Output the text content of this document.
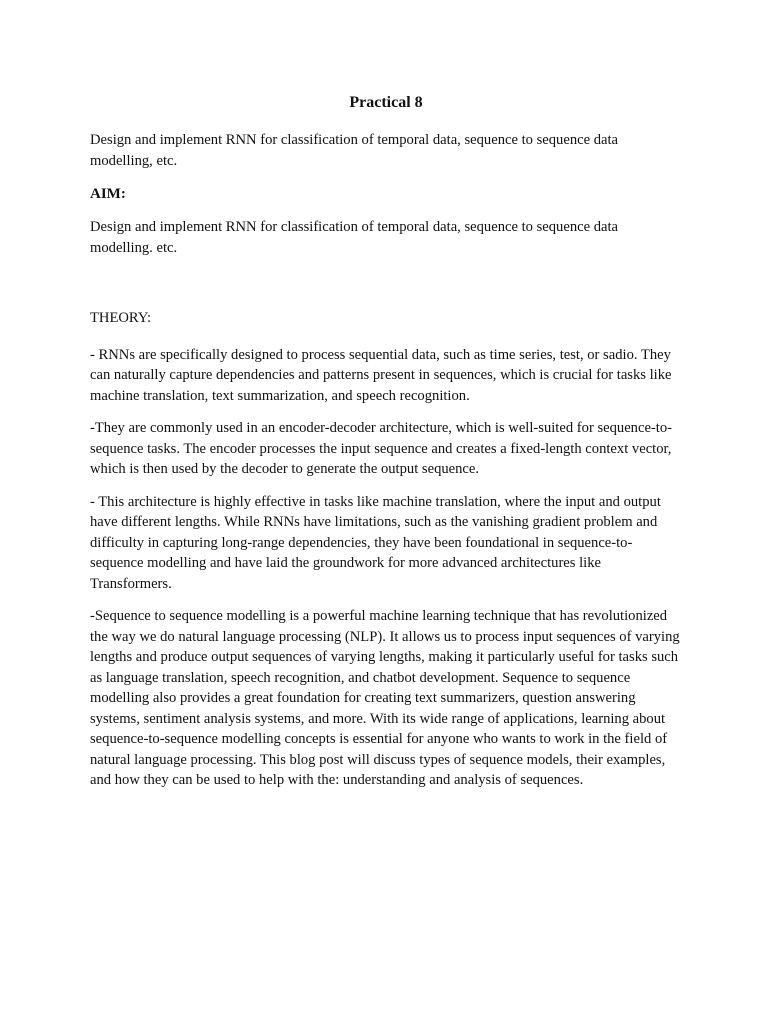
Practical 8

Design and implement RNN for classification of temporal data, sequence to sequence data modelling, etc.

AIM:

Design and implement RNN for classification of temporal data, sequence to sequence data modelling. etc.

THEORY:

- RNNs are specifically designed to process sequential data, such as time series, test, or sadio. They can naturally capture dependencies and patterns present in sequences, which is crucial for tasks like machine translation, text summarization, and speech recognition.

-They are commonly used in an encoder-decoder architecture, which is well-suited for sequence-to-sequence tasks. The encoder processes the input sequence and creates a fixed-length context vector, which is then used by the decoder to generate the output sequence.

- This architecture is highly effective in tasks like machine translation, where the input and output have different lengths. While RNNs have limitations, such as the vanishing gradient problem and difficulty in capturing long-range dependencies, they have been foundational in sequence-to-sequence modelling and have laid the groundwork for more advanced architectures like Transformers.

-Sequence to sequence modelling is a powerful machine learning technique that has revolutionized the way we do natural language processing (NLP). It allows us to process input sequences of varying lengths and produce output sequences of varying lengths, making it particularly useful for tasks such as language translation, speech recognition, and chatbot development. Sequence to sequence modelling also provides a great foundation for creating text summarizers, question answering systems, sentiment analysis systems, and more. With its wide range of applications, learning about sequence-to-sequence modelling concepts is essential for anyone who wants to work in the field of natural language processing. This blog post will discuss types of sequence models, their examples, and how they can be used to help with the: understanding and analysis of sequences.
